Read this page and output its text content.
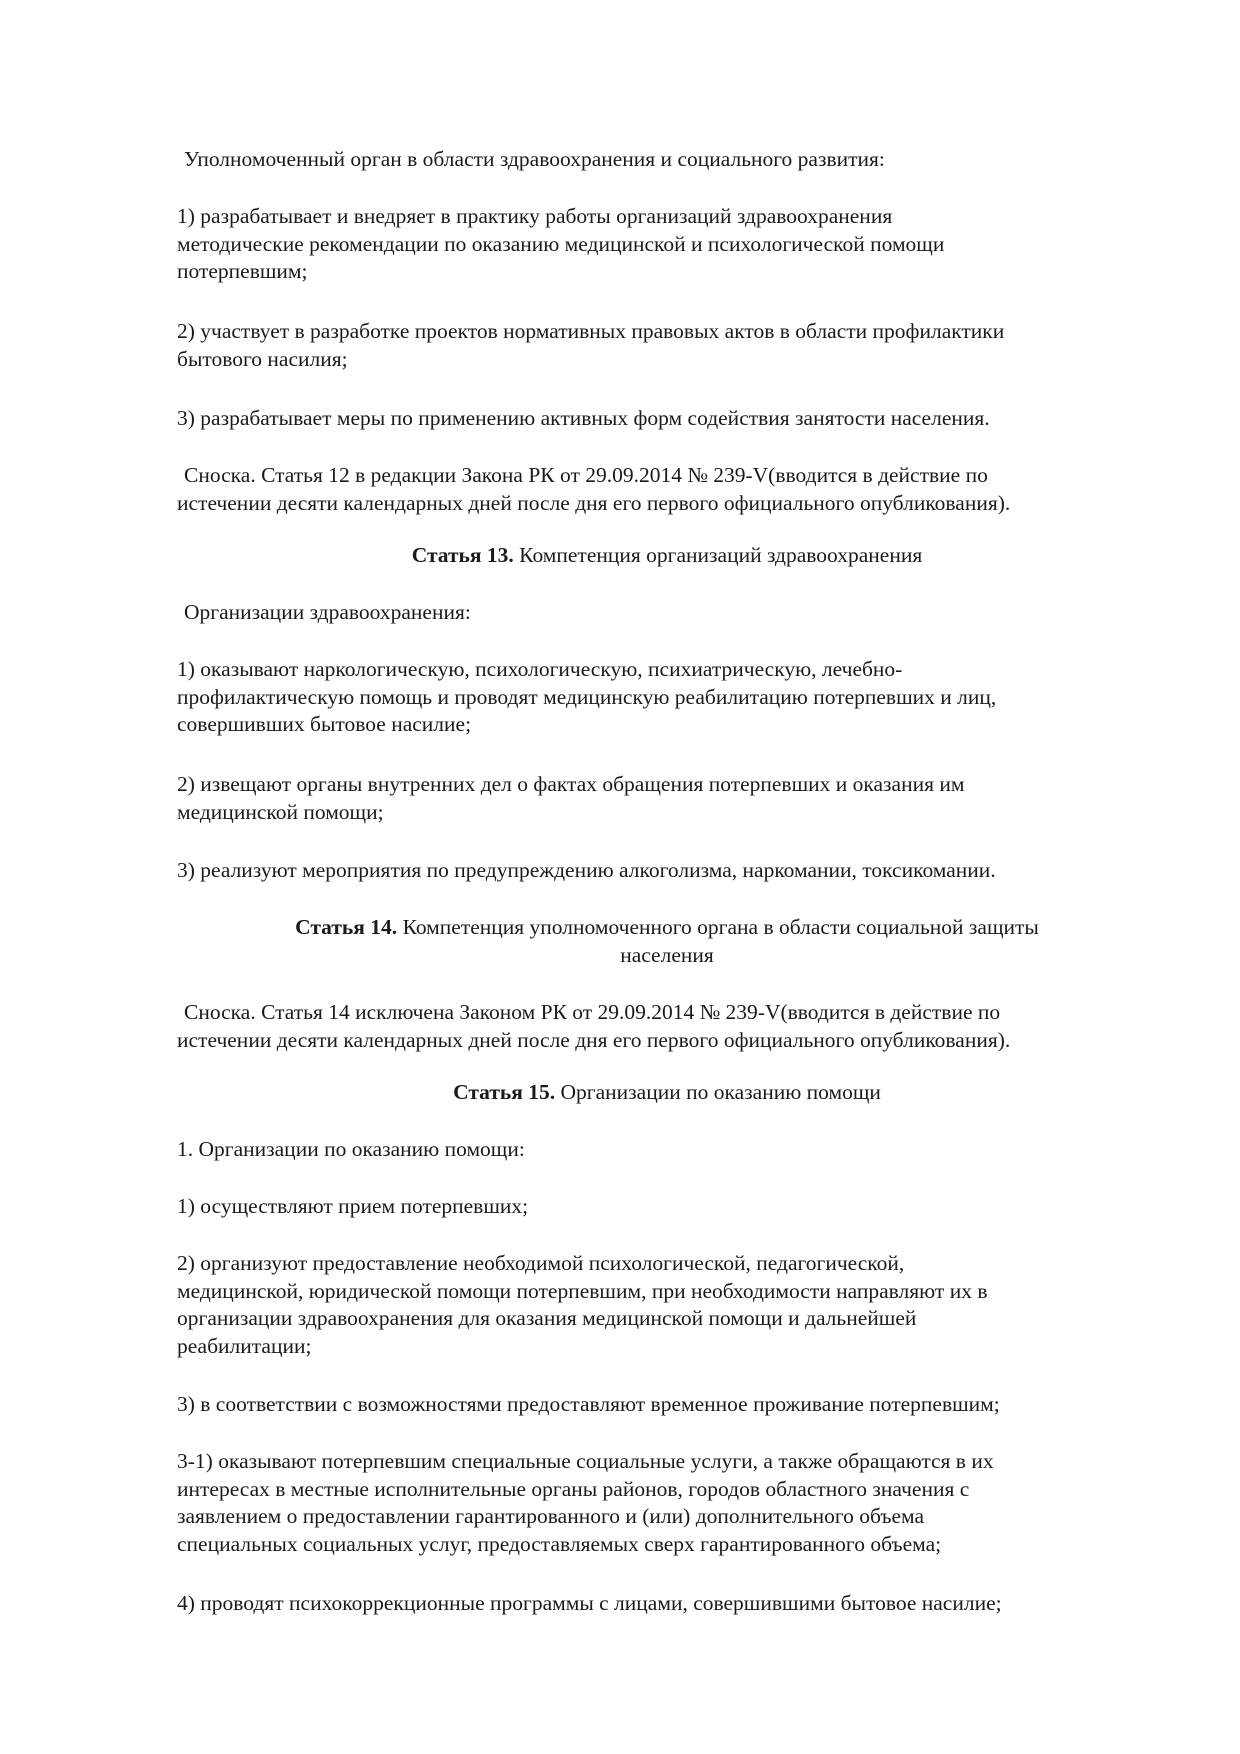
Уполномоченный орган в области здравоохранения и социального развития:

1) разрабатывает и внедряет в практику работы организаций здравоохранения

методические рекомендации по оказанию медицинской и психологической помощи

потерпевшим;

2) участвует в разработке проектов нормативных правовых актов в области профилактики

бытового насилия;

3) разрабатывает меры по применению активных форм содействия занятости населения.

Сноска. Статья 12 в редакции Закона РК от 29.09.2014 № 239-V(вводится в действие по

истечении десяти календарных дней после дня его первого официального опубликования).

Статья 13. Компетенция организаций здравоохранения

Организации здравоохранения:

1) оказывают наркологическую, психологическую, психиатрическую, лечебно-

профилактическую помощь и проводят медицинскую реабилитацию потерпевших и лиц,

совершивших бытовое насилие;

2) извещают органы внутренних дел о фактах обращения потерпевших и оказания им

медицинской помощи;

3) реализуют мероприятия по предупреждению алкоголизма, наркомании, токсикомании.

Статья 14. Компетенция уполномоченного органа в области социальной защиты

населения

Сноска. Статья 14 исключена Законом РК от 29.09.2014 № 239-V(вводится в действие по

истечении десяти календарных дней после дня его первого официального опубликования).

Статья 15. Организации по оказанию помощи

1. Организации по оказанию помощи:

1) осуществляют прием потерпевших;

2) организуют предоставление необходимой психологической, педагогической,

медицинской, юридической помощи потерпевшим, при необходимости направляют их в

организации здравоохранения для оказания медицинской помощи и дальнейшей

реабилитации;

3) в соответствии с возможностями предоставляют временное проживание потерпевшим;

3-1) оказывают потерпевшим специальные социальные услуги, а также обращаются в их

интересах в местные исполнительные органы районов, городов областного значения с

заявлением о предоставлении гарантированного и (или) дополнительного объема

специальных социальных услуг, предоставляемых сверх гарантированного объема;

4) проводят психокоррекционные программы с лицами, совершившими бытовое насилие;
